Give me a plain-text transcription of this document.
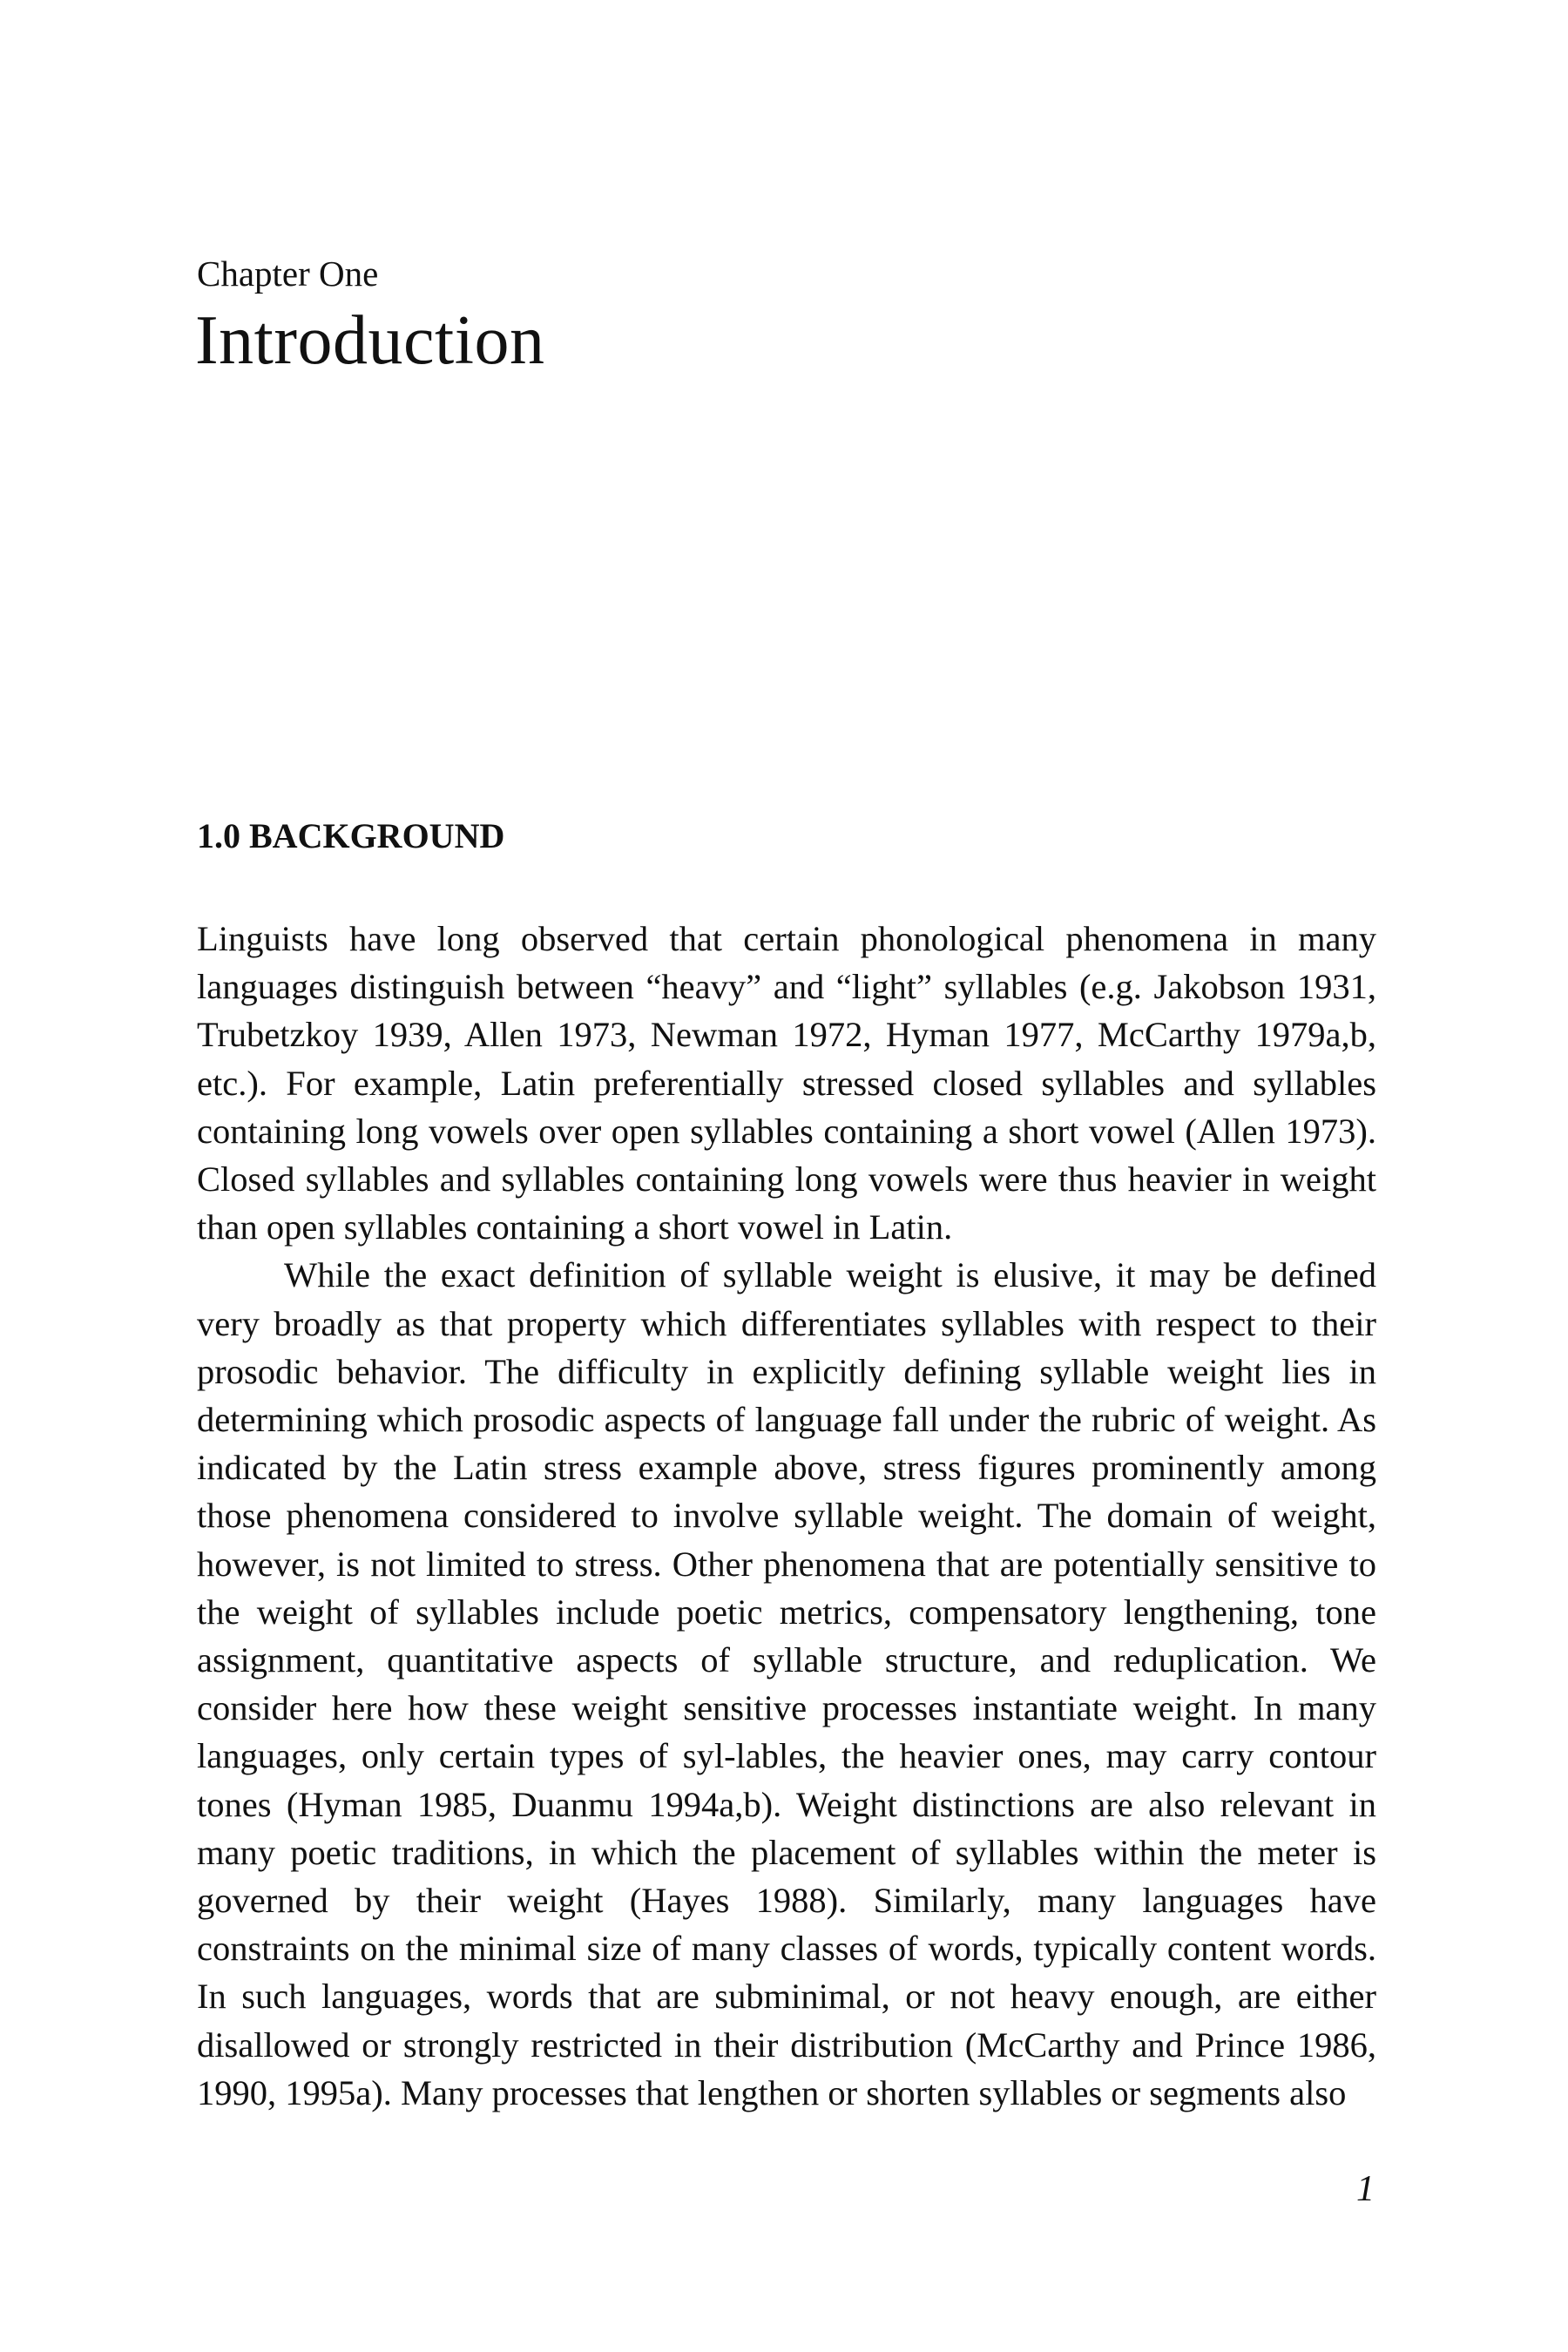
Chapter One
Introduction
1.0 BACKGROUND

Linguists have long observed that certain phonological phenomena in many languages distinguish between “heavy” and “light” syllables (e.g. Jakobson 1931, Trubetzkoy 1939, Allen 1973, Newman 1972, Hyman 1977, McCarthy 1979a,b, etc.). For example, Latin preferentially stressed closed syllables and syllables containing long vowels over open syllables containing a short vowel (Allen 1973). Closed syllables and syllables containing long vowels were thus heavier in weight than open syllables containing a short vowel in Latin.

While the exact definition of syllable weight is elusive, it may be defined very broadly as that property which differentiates syllables with respect to their prosodic behavior. The difficulty in explicitly defining syllable weight lies in determining which prosodic aspects of language fall under the rubric of weight. As indicated by the Latin stress example above, stress figures prominently among those phenomena considered to involve syllable weight. The domain of weight, however, is not limited to stress. Other phenomena that are potentially sensitive to the weight of syllables include poetic metrics, compensatory lengthening, tone assignment, quantitative aspects of syllable structure, and reduplication. We consider here how these weight sensitive processes instantiate weight. In many languages, only certain types of syl-lables, the heavier ones, may carry contour tones (Hyman 1985, Duanmu 1994a,b). Weight distinctions are also relevant in many poetic traditions, in which the placement of syllables within the meter is governed by their weight (Hayes 1988). Similarly, many languages have constraints on the minimal size of many classes of words, typically content words. In such languages, words that are subminimal, or not heavy enough, are either disallowed or strongly restricted in their distribution (McCarthy and Prince 1986, 1990, 1995a). Many processes that lengthen or shorten syllables or segments also

1
